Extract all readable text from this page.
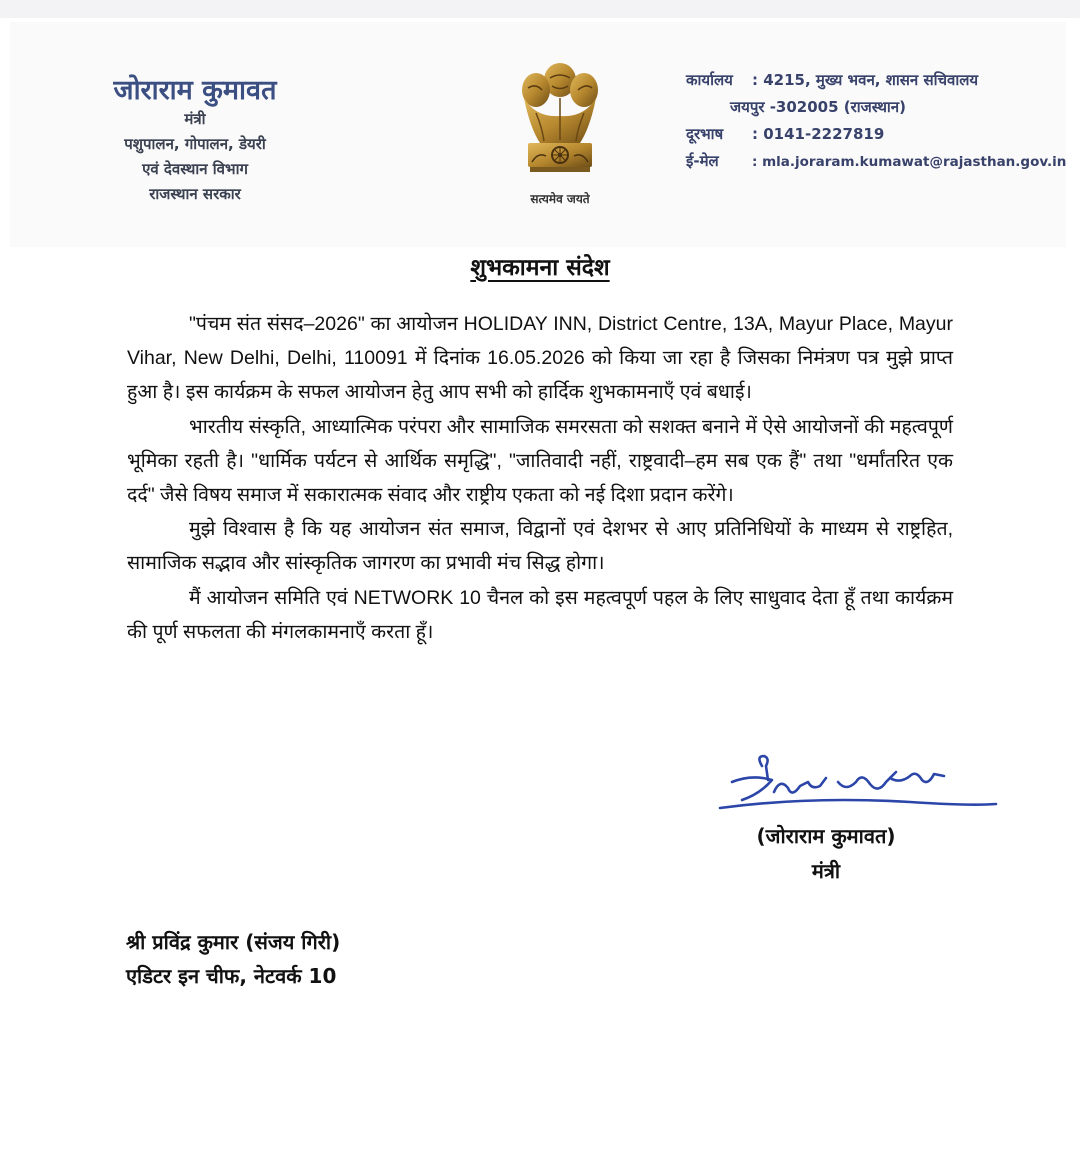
जोराराम कुमावत
मंत्री
पशुपालन, गोपालन, डेयरी
एवं देवस्थान विभाग
राजस्थान सरकार	सत्यमेव जयते
कार्यालय : 4215, मुख्य भवन, शासन सचिवालय
जयपुर -302005 (राजस्थान)
दूरभाष : 0141-2227819
ई-मेल : mla.joraram.kumawat@rajasthan.gov.in
शुभकामना संदेश

"पंचम संत संसद–2026" का आयोजन HOLIDAY INN, District Centre, 13A, Mayur Place, Mayur Vihar, New Delhi, Delhi, 110091 में दिनांक 16.05.2026 को किया जा रहा है जिसका निमंत्रण पत्र मुझे प्राप्त हुआ है। इस कार्यक्रम के सफल आयोजन हेतु आप सभी को हार्दिक शुभकामनाएँ एवं बधाई।

भारतीय संस्कृति, आध्यात्मिक परंपरा और सामाजिक समरसता को सशक्त बनाने में ऐसे आयोजनों की महत्वपूर्ण भूमिका रहती है। "धार्मिक पर्यटन से आर्थिक समृद्धि", "जातिवादी नहीं, राष्ट्रवादी–हम सब एक हैं" तथा "धर्मांतरित एक दर्द" जैसे विषय समाज में सकारात्मक संवाद और राष्ट्रीय एकता को नई दिशा प्रदान करेंगे।

मुझे विश्वास है कि यह आयोजन संत समाज, विद्वानों एवं देशभर से आए प्रतिनिधियों के माध्यम से राष्ट्रहित, सामाजिक सद्भाव और सांस्कृतिक जागरण का प्रभावी मंच सिद्ध होगा।

मैं आयोजन समिति एवं NETWORK 10 चैनल को इस महत्वपूर्ण पहल के लिए साधुवाद देता हूँ तथा कार्यक्रम की पूर्ण सफलता की मंगलकामनाएँ करता हूँ।

(जोराराम कुमावत)
मंत्री
श्री प्रविंद्र कुमार (संजय गिरी)
एडिटर इन चीफ, नेटवर्क 10
